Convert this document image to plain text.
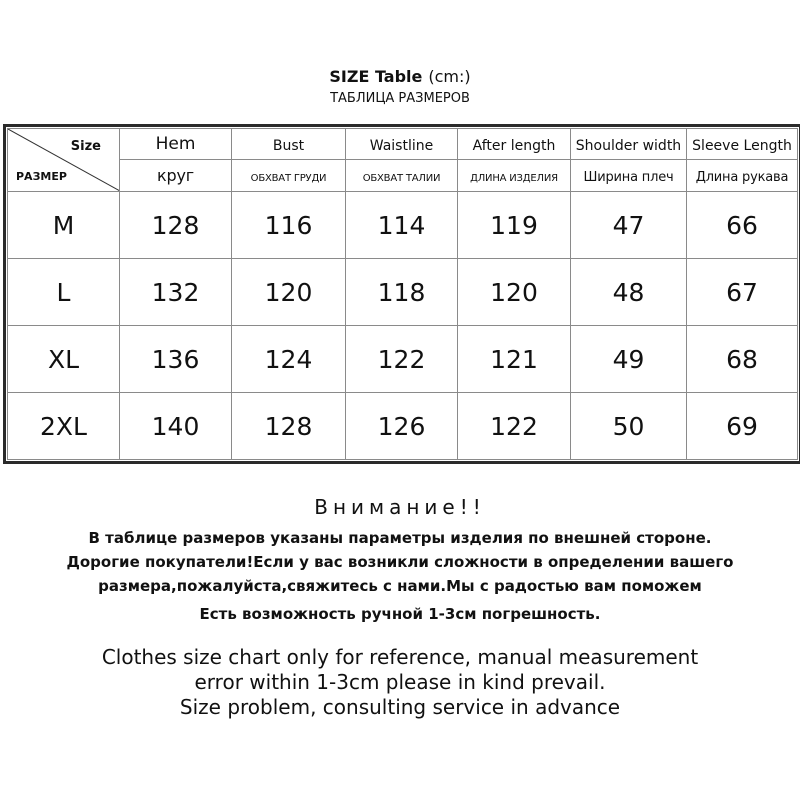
SIZE Table (cm:)
ТАБЛИЦА РАЗМЕРОВ
Size
РАЗМЕР	Hem	Bust	Waistline	After length	Shoulder width	Sleeve Length
	круг	ОБХВАТ ГРУДИ	ОБХВАТ ТАЛИИ	ДЛИНА ИЗДЕЛИЯ	Ширина плеч	Длина рукава
M	128	116	114	119	47	66
L	132	120	118	120	48	67
XL	136	124	122	121	49	68
2XL	140	128	126	122	50	69
Внимание!!
В таблице размеров указаны параметры изделия по внешней стороне.
Дорогие покупатели!Если у вас возникли сложности в определении вашего
размера,пожалуйста,свяжитесь с нами.Мы с радостью вам поможем
Есть возможность ручной 1-3см погрешность.
Clothes size chart only for reference, manual measurement
error within 1-3cm please in kind prevail.
Size problem, consulting service in advance
